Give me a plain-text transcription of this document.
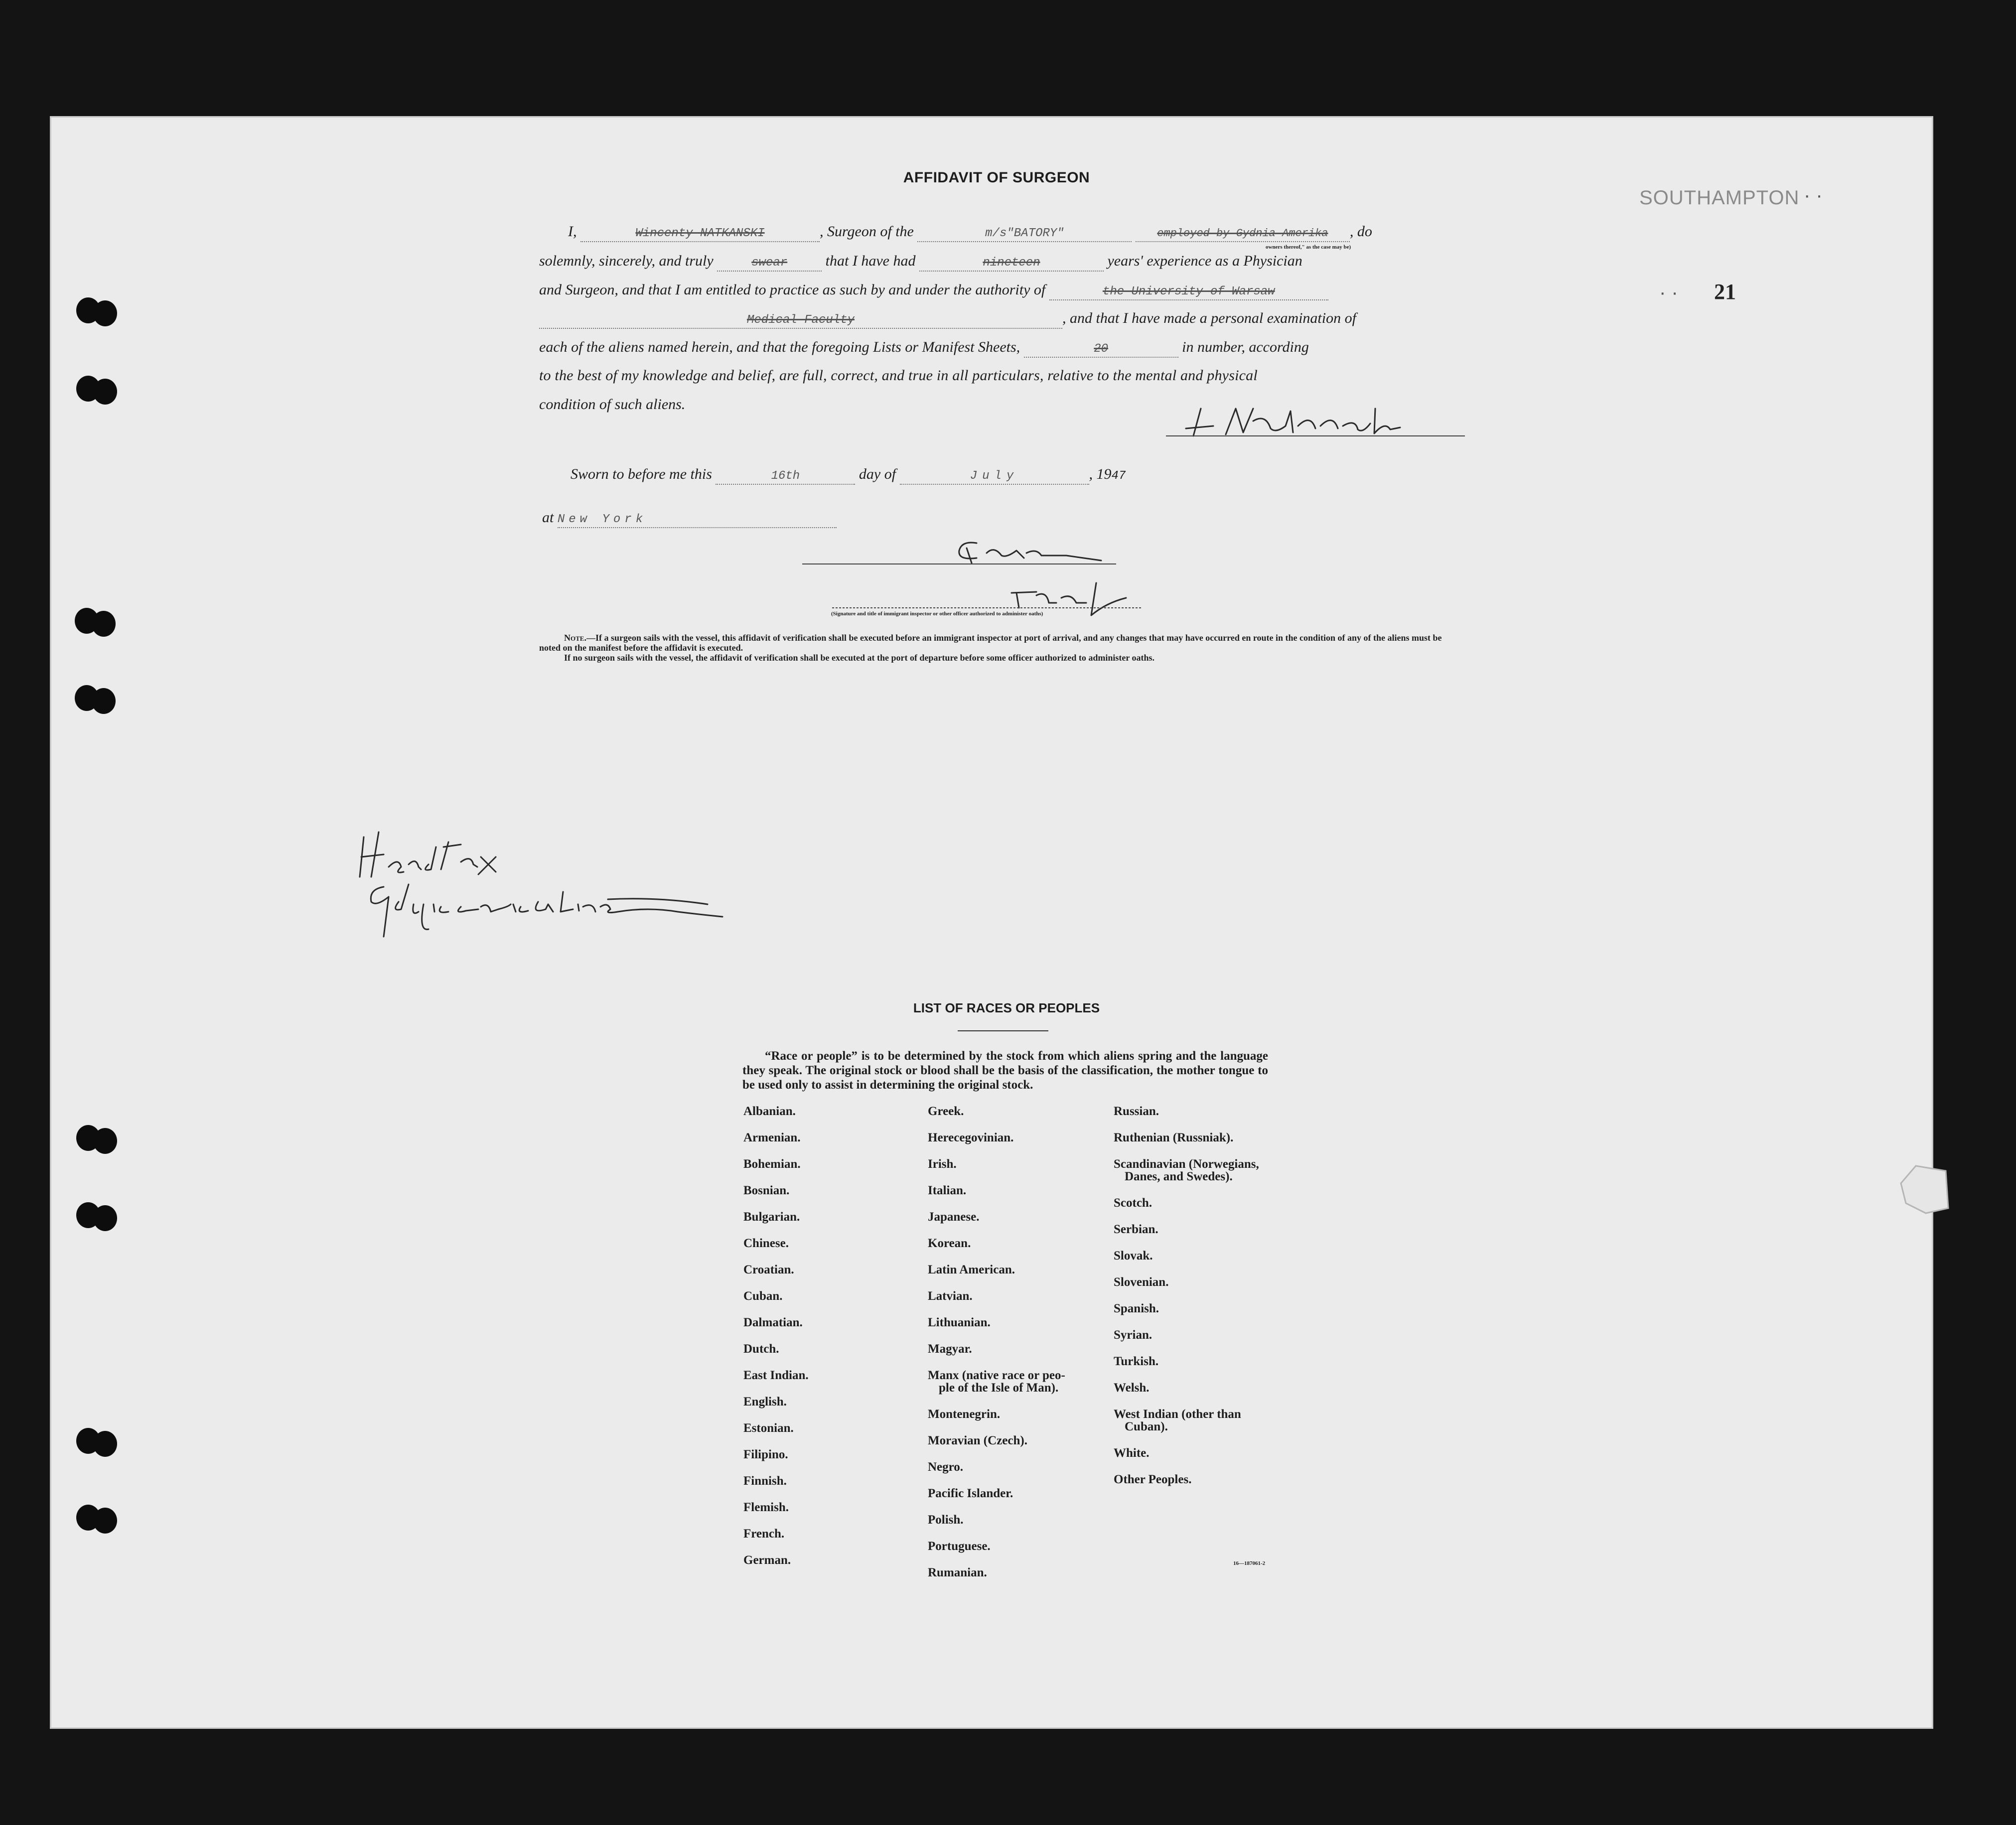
SOUTHAMPTON · ·
· · 21
AFFIDAVIT OF SURGEON
I,	Wincenty NATKANSKI	, Surgeon of the	m/s"BATORY"	employed by Gydnia-Amerika , do
owners thereof," as the case may be)
solemnly, sincerely, and truly	swear	that I have had	nineteen	years' experience as a Physician
and Surgeon, and that I am entitled to practice as such by and under the authority of	the University of Warsaw
Medical Faculty	, and that I have made a personal examination of
each of the aliens named herein, and that the foregoing Lists or Manifest Sheets,	20	in number, according
to the best of my knowledge and belief, are full, correct, and true in all particulars, relative to the mental and physical
condition of such aliens.
Sworn to before me this	16th	day of	July	, 1947
at New York
(Signature and title of immigrant inspector or other officer authorized to administer oaths)
Note.—If a surgeon sails with the vessel, this affidavit of verification shall be executed before an immigrant inspector at port of arrival, and any changes that may have occurred en route in the condition of any of the aliens must be noted on the manifest before the affidavit is executed.
If no surgeon sails with the vessel, the affidavit of verification shall be executed at the port of departure before some officer authorized to administer oaths.
LIST OF RACES OR PEOPLES
“Race or people” is to be determined by the stock from which aliens spring and the language they speak. The original stock or blood shall be the basis of the classification, the mother tongue to be used only to assist in determining the original stock.
Albanian.
Armenian.
Bohemian.
Bosnian.
Bulgarian.
Chinese.
Croatian.
Cuban.
Dalmatian.
Dutch.
East Indian.
English.
Estonian.
Filipino.
Finnish.
Flemish.
French.
German.
Greek.
Herecegovinian.
Irish.
Italian.
Japanese.
Korean.
Latin American.
Latvian.
Lithuanian.
Magyar.
Manx (native race or peo-
ple of the Isle of Man).
Montenegrin.
Moravian (Czech).
Negro.
Pacific Islander.
Polish.
Portuguese.
Rumanian.
Russian.
Ruthenian (Russniak).
Scandinavian (Norwegians,
Danes, and Swedes).
Scotch.
Serbian.
Slovak.
Slovenian.
Spanish.
Syrian.
Turkish.
Welsh.
West Indian (other than
Cuban).
White.
Other Peoples.
16—187061-2
